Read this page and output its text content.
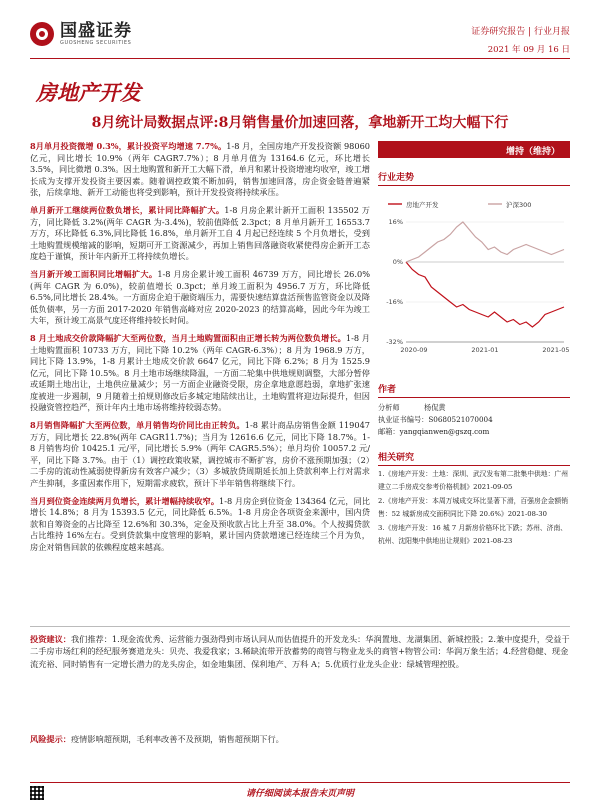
国盛证券
GUOSHENG SECURITIES
证券研究报告 | 行业月报
2021 年 09 月 16 日
房地产开发
8月统计局数据点评:8月销售量价加速回落，拿地新开工均大幅下行
8月单月投资微增 0.3%，累计投资平均增速 7.7%。1-8 月，全国房地产开发投资额 98060 亿元，同比增长 10.9%（两年 CAGR7.7%）；8 月单月值为 13164.6 亿元，环比增长 3.5%，同比微增 0.3%。因土地购置和新开工大幅下滑，单月和累计投资增速均收窄，竣工增长成为支撑开发投资主要因素。随着调控政策不断加码，销售加速回落，房企资金链普遍紧张，后续拿地、新开工动能也将受到影响，预计开发投资将持续承压。
单月新开工继续两位数负增长，累计同比降幅扩大。1-8 月房企累计新开工面积 135502 万方，同比降低 3.2%(两年 CAGR 为-3.4%)，较前值降低 2.3pct；8 月单月新开工 16553.7 万方，环比降低 6.3%,同比降低 16.8%，单月新开工自 4 月起已经连续 5 个月负增长，受到土地购置规模缩减的影响，短期可开工资源减少，再加上销售回落融资收紧使得房企新开工态度趋于谨慎，预计年内新开工将持续负增长。
当月新开竣工面积同比增幅扩大。1-8 月房企累计竣工面积 46739 万方，同比增长 26.0%(两年 CAGR 为 6.0%)，较前值增长 0.3pct；单月竣工面积为 4956.7 万方，环比降低 6.5%,同比增长 28.4%。一方面房企迫于融资端压力，需要快速结算盘活预售监管资金以及降低负债率，另一方面 2017-2020 年销售高峰对应 2020-2023 的结算高峰，因此今年为竣工大年，预计竣工高景气度还将维持较长时间。
8 月土地成交价款降幅扩大至两位数，当月土地购置面积由正增长转为两位数负增长。1-8 月土地购置面积 10733 万方，同比下降 10.2%（两年 CAGR-6.3%）；8 月为 1968.9 万方，同比下降 13.9%，1-8 月累计土地成交价款 6647 亿元，同比下降 6.2%；8 月为 1525.9 亿元，同比下降 10.5%。8 月土地市场继续降温，一方面二轮集中供地规则调整，大部分暂停或延期土地出让，土地供应量减少；另一方面企业融资受限，房企拿地意愿趋弱，拿地扩张速度被进一步遏制，9 月随着土拍规则修改后多城定地陆续出让，土地购置将迎边际提升，但因投融资管控趋严，预计年内土地市场将维持较弱态势。
8月销售降幅扩大至两位数，单月销售均价同比由正转负。1-8 累计商品房销售金额 119047 万方，同比增长 22.8%(两年 CAGR11.7%)；当月为 12616.6 亿元，同比下降 18.7%。1-8 月销售均价 10425.1 元/平，同比增长 5.9%（两年 CAGR5.5%）；单月均价 10057.2 元/平，同比下降 3.7%。由于（1）调控政策收紧，调控城市不断扩容，房价不涨预期加强；（2）二手房的流动性减弱使得新房有效客户减少；（3）多城放贷周期延长加上贷款利率上行对需求产生抑制，多重因素作用下，短期需求疲软，预计下半年销售将继续下行。
当月到位资金连续两月负增长，累计增幅持续收窄。1-8 月房企到位资金 134364 亿元，同比增长 14.8%；8 月为 15393.5 亿元，同比降低 6.5%。1-8 月房企各项资金来源中，国内贷款和自筹资金的占比降至 12.6%和 30.3%，定金及预收款占比上升至 38.0%。个人按揭贷款占比维持 16%左右。受到贷款集中度管理的影响，累计国内贷款增速已经连续三个月为负，房企对销售回款的依赖程度越来越高。
增持（维持）
行业走势
房地产开发	沪深300
16%
0%
-16%
-32%
2020-09	2021-01	2021-05
作者
分析师	杨侃黄
执业证书编号： S0680521070004
邮箱： yangqianwen@gszq.com
相关研究
1.《房地产开发：土地：深圳、武汉发布第二批集中供地：广州建立二手房成交参考价格机制》2021-09-05
2.《房地产开发：本周万城成交环比显著下滑，百强房企金额销售：52 城新房成交面积同比下降 20.6%》2021-08-30
3.《房地产开发：16 城 7 月新房价格环比下跌；苏州、济南、杭州、沈阳集中供地出让规则》2021-08-23
投资建议：我们推荐：1.现金流优秀、运营能力强劲得到市场认同从而估值提升的开发龙头：华润置地、龙湖集团、新城控股；2.兼中度提升，受益于二手房市场红利的经纪服务赛道龙头：贝壳、我爱我家；3.稀缺流带开放蓄势的商管与物业龙头的商管+物管公司：华润万象生活；4.经营稳健、现金流充裕、同时销售有一定增长潜力的龙头房企，如金地集团、保利地产、万科 A；5.优质行业龙头企业：绿城管理控股。
风险提示：疫情影响超预期，毛利率改善不及预期，销售超预期下行。
请仔细阅读本报告末页声明
